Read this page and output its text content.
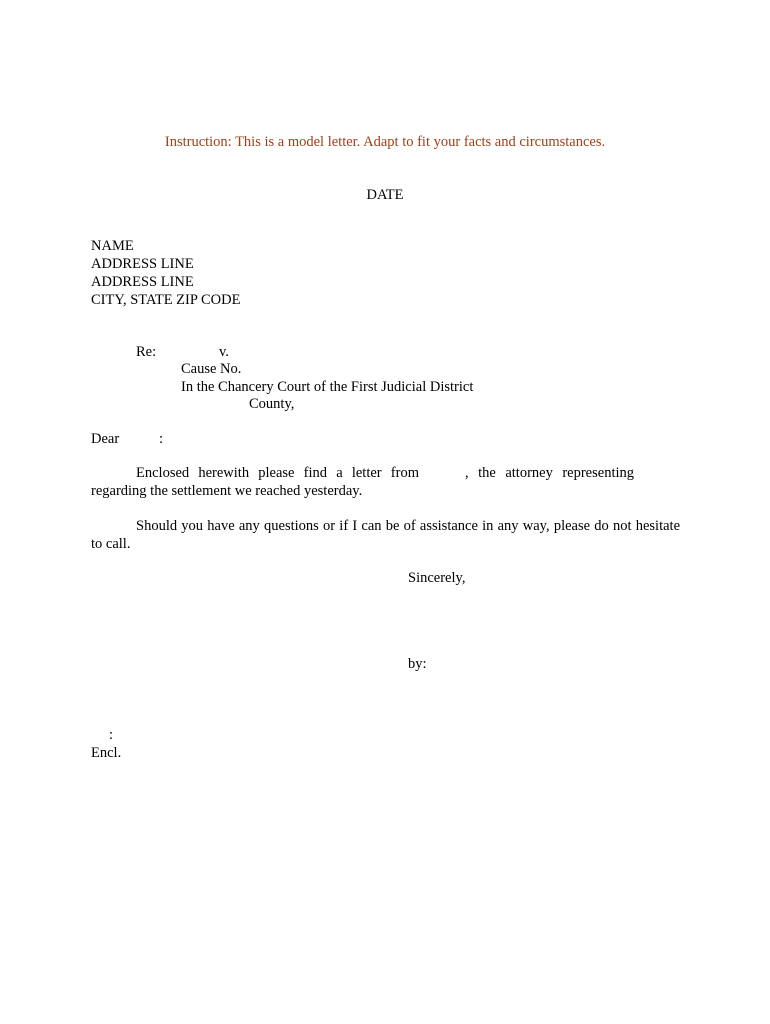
Instruction: This is a model letter. Adapt to fit your facts and circumstances.
DATE
NAME
ADDRESS LINE
ADDRESS LINE
CITY, STATE ZIP CODE
Re:	v.
Cause No.
In the Chancery Court of the First Judicial District
County,
Dear	:
Enclosed herewith please find a letter from	, the attorney representing
regarding the settlement we reached yesterday.
Should you have any questions or if I can be of assistance in any way, please do not hesitate
to call.
Sincerely,
by:
:
Encl.
